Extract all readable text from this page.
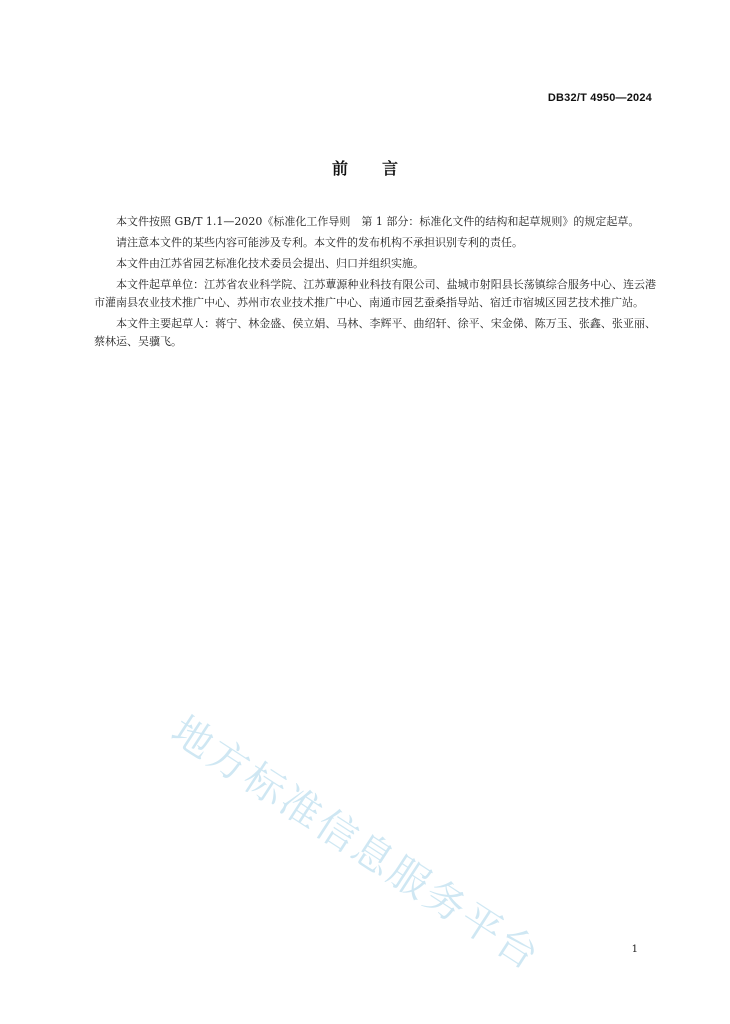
DB32/T 4950—2024
前言

本文件按照 GB/T 1.1—2020《标准化工作导则　第 1 部分：标准化文件的结构和起草规则》的规定起草。

请注意本文件的某些内容可能涉及专利。本文件的发布机构不承担识别专利的责任。

本文件由江苏省园艺标准化技术委员会提出、归口并组织实施。

本文件起草单位：江苏省农业科学院、江苏蕈源种业科技有限公司、盐城市射阳县长荡镇综合服务中心、连云港市灌南县农业技术推广中心、苏州市农业技术推广中心、南通市园艺蚕桑指导站、宿迁市宿城区园艺技术推广站。

本文件主要起草人：蒋宁、林金盛、侯立娟、马林、李辉平、曲绍轩、徐平、宋金俤、陈万玉、张鑫、张亚丽、蔡林运、吴骥飞。

地方标准信息服务平台	1
